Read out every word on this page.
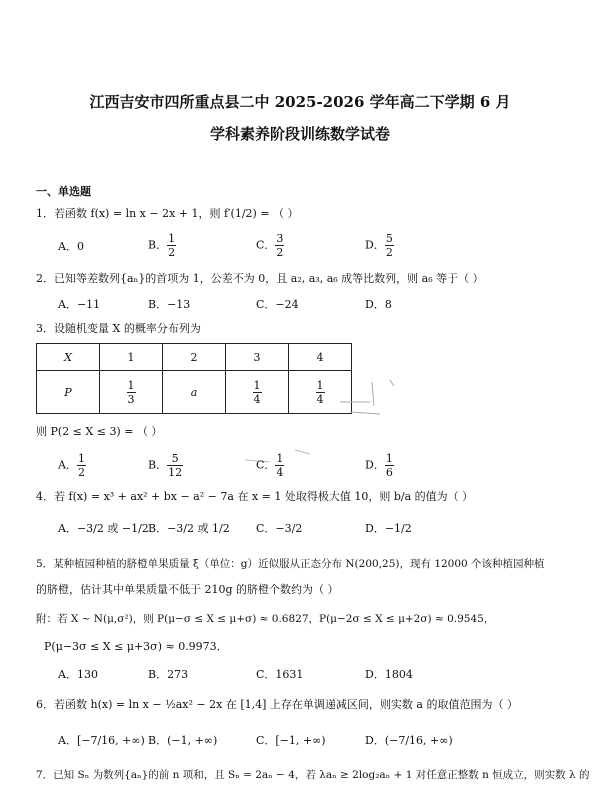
江西吉安市四所重点县二中 2025-2026 学年高二下学期 6 月
学科素养阶段训练数学试卷
一、单选题
1．若函数 f(x) = ln x − 2x + 1，则 f′(1/2) = （ ）
A．0	B． $\frac{1}{2}$	C． $\frac{3}{2}$	D． $\frac{5}{2}$
2．已知等差数列{aₙ}的首项为 1，公差不为 0，且 a₂, a₃, a₆ 成等比数列，则 a₆ 等于（ ）
A．−11	B．−13	C．−24	D．8
3．设随机变量 X 的概率分布列为
X	1	2	3	4
P	$\frac{1}{3}$	a	$\frac{1}{4}$	$\frac{1}{4}$
则 P(2 ≤ X ≤ 3) = （ ）
A． $\frac{1}{2}$	B． $\frac{5}{12}$	C． $\frac{1}{4}$	D． $\frac{1}{6}$
4．若 f(x) = x³ + ax² + bx − a² − 7a 在 x = 1 处取得极大值 10，则 b/a 的值为（ ）
A．−3/2 或 −1/2 B．−3/2 或 1/2 C．−3/2	D．−1/2
5．某种植园种植的脐橙单果质量 ξ（单位：g）近似服从正态分布 N(200,25)，现有 12000 个该种植园种植
的脐橙，估计其中单果质量不低于 210g 的脐橙个数约为（ ）
附：若 X ~ N(μ,σ²)，则 P(μ−σ ≤ X ≤ μ+σ) ≈ 0.6827，P(μ−2σ ≤ X ≤ μ+2σ) ≈ 0.9545，
P(μ−3σ ≤ X ≤ μ+3σ) ≈ 0.9973．
A．130	B．273	C．1631	D．1804
6．若函数 h(x) = ln x − ½ax² − 2x 在 [1,4] 上存在单调递减区间，则实数 a 的取值范围为（ ）
A．[−7/16, +∞) B．(−1, +∞)	C．[−1, +∞)	D．(−7/16, +∞)
7．已知 Sₙ 为数列{aₙ}的前 n 项和，且 Sₙ = 2aₙ − 4，若 λaₙ ≥ 2log₂aₙ + 1 对任意正整数 n 恒成立，则实数 λ 的
